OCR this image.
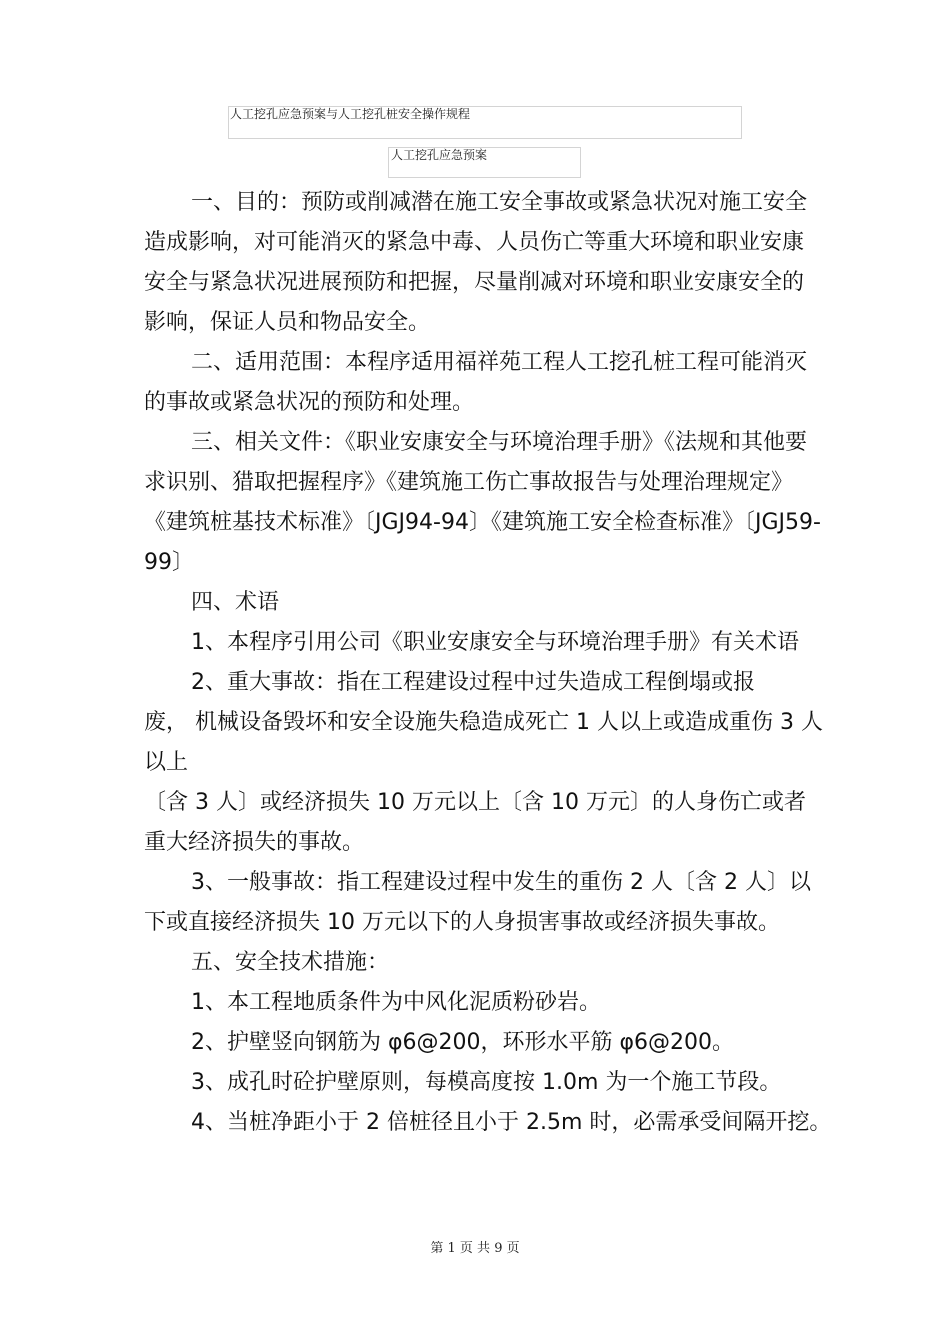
人工挖孔应急预案与人工挖孔桩安全操作规程
人工挖孔应急预案

一、目的：预防或削减潜在施工安全事故或紧急状况对施工安全造成影响，对可能消灭的紧急中毒、人员伤亡等重大环境和职业安康安全与紧急状况进展预防和把握，尽量削减对环境和职业安康安全的影响，保证人员和物品安全。

二、适用范围：本程序适用福祥苑工程人工挖孔桩工程可能消灭的事故或紧急状况的预防和处理。

三、相关文件：《职业安康安全与环境治理手册》《法规和其他要求识别、猎取把握程序》《建筑施工伤亡事故报告与处理治理规定》《建筑桩基技术标准》〔JGJ94-94〕《建筑施工安全检查标准》〔JGJ59-99〕

四、术语

1、本程序引用公司《职业安康安全与环境治理手册》有关术语

2、重大事故：指在工程建设过程中过失造成工程倒塌或报

废， 机械设备毁坏和安全设施失稳造成死亡 1 人以上或造成重伤 3 人以上

〔含 3 人〕或经济损失 10 万元以上〔含 10 万元〕的人身伤亡或者重大经济损失的事故。

3、一般事故：指工程建设过程中发生的重伤 2 人〔含 2 人〕以下或直接经济损失 10 万元以下的人身损害事故或经济损失事故。

五、安全技术措施：

1、本工程地质条件为中风化泥质粉砂岩。

2、护壁竖向钢筋为 φ6@200，环形水平筋 φ6@200。

3、成孔时砼护壁原则，每模高度按 1.0m 为一个施工节段。

4、当桩净距小于 2 倍桩径且小于 2.5m 时，必需承受间隔开挖。

第 1 页 共 9 页
